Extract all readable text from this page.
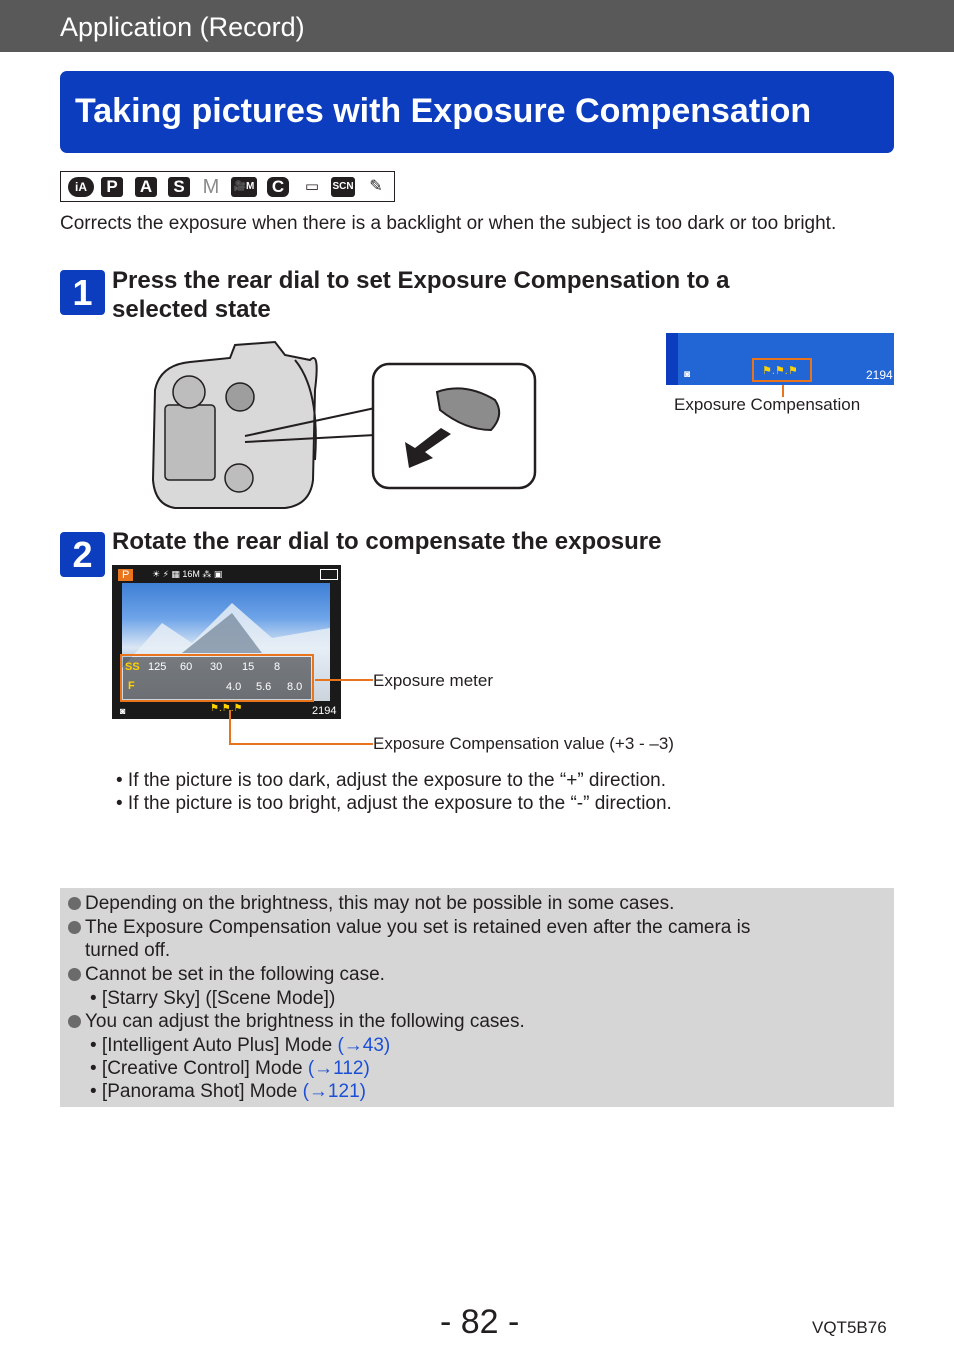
Application (Record)
Taking pictures with Exposure Compensation
iA	P	A	S M 🎥M C	▭	SCN ✎
Corrects the exposure when there is a backlight or when the subject is too dark or too bright.
1 Press the rear dial to set Exposure Compensation to a selected state
◙	⚑.⚑.⚑	2194
Exposure Compensation
2 Rotate the rear dial to compensate the exposure
P	☀ ⚡ ▦ 16M ⁂ ▣
SS
F
125 60 30 15 8
4.0 5.6 8.0
◙	⚑.⚑.⚑	2194
Exposure meter
Exposure Compensation value (+3 - –3)
• If the picture is too dark, adjust the exposure to the “+” direction.
• If the picture is too bright, adjust the exposure to the “-” direction.
Depending on the brightness, this may not be possible in some cases.
The Exposure Compensation value you set is retained even after the camera is
turned off.
Cannot be set in the following case.
• [Starry Sky] ([Scene Mode])
You can adjust the brightness in the following cases.
• [Intelligent Auto Plus] Mode (→43)
• [Creative Control] Mode (→112)
• [Panorama Shot] Mode (→121)
- 82 -	VQT5B76
